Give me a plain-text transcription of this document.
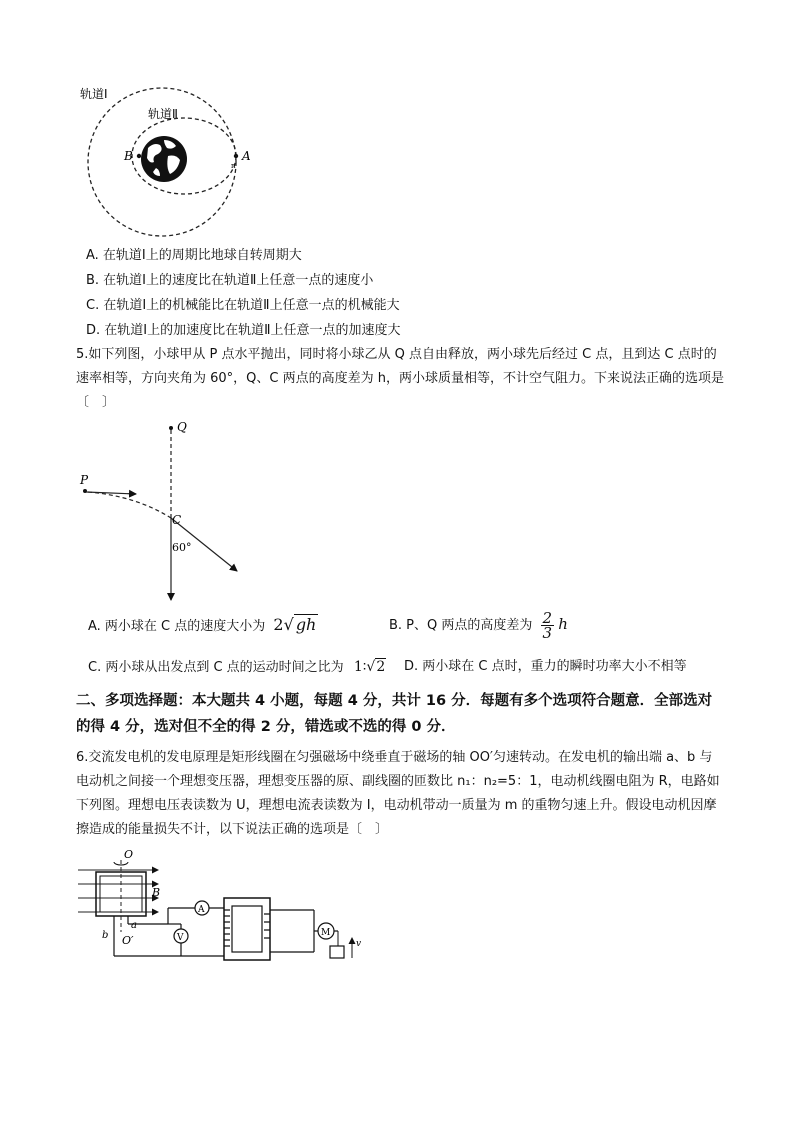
轨道Ⅰ
轨道Ⅱ
B	A
n
A. 在轨道Ⅰ上的周期比地球自转周期大
B. 在轨道Ⅰ上的速度比在轨道Ⅱ上任意一点的速度小
C. 在轨道Ⅰ上的机械能比在轨道Ⅱ上任意一点的机械能大
D. 在轨道Ⅰ上的加速度比在轨道Ⅱ上任意一点的加速度大
5.如下列图，小球甲从 P 点水平抛出，同时将小球乙从 Q 点自由释放，两小球先后经过 C 点，且到达 C 点时的速率相等，方向夹角为 60°，Q、C 两点的高度差为 h，两小球质量相等，不计空气阻力。下来说法正确的选项是〔　〕
Q
P
C
60°
A. 两小球在 C 点的速度大小为 2√ gh	B. P、Q 两点的高度差为 $\frac{2}{3}$ h
C. 两小球从出发点到 C 点的运动时间之比为 1∶√2 D. 两小球在 C 点时，重力的瞬时功率大小不相等
二、多项选择题：本大题共 4 小题，每题 4 分，共计 16 分．每题有多个选项符合题意．全部选对的得 4 分，选对但不全的得 2 分，错选或不选的得 0 分．
6.交流发电机的发电原理是矩形线圈在匀强磁场中绕垂直于磁场的轴 OO′匀速转动。在发电机的输出端 a、b 与电动机之间接一个理想变压器，理想变压器的原、副线圈的匝数比 n₁：n₂=5：1，电动机线圈电阻为 R，电路如下列图。理想电压表读数为 U，理想电流表读数为 I，电动机带动一质量为 m 的重物匀速上升。假设电动机因摩擦造成的能量损失不计，以下说法正确的选项是〔　〕
O
B
a
b O′
A
V	M
v
